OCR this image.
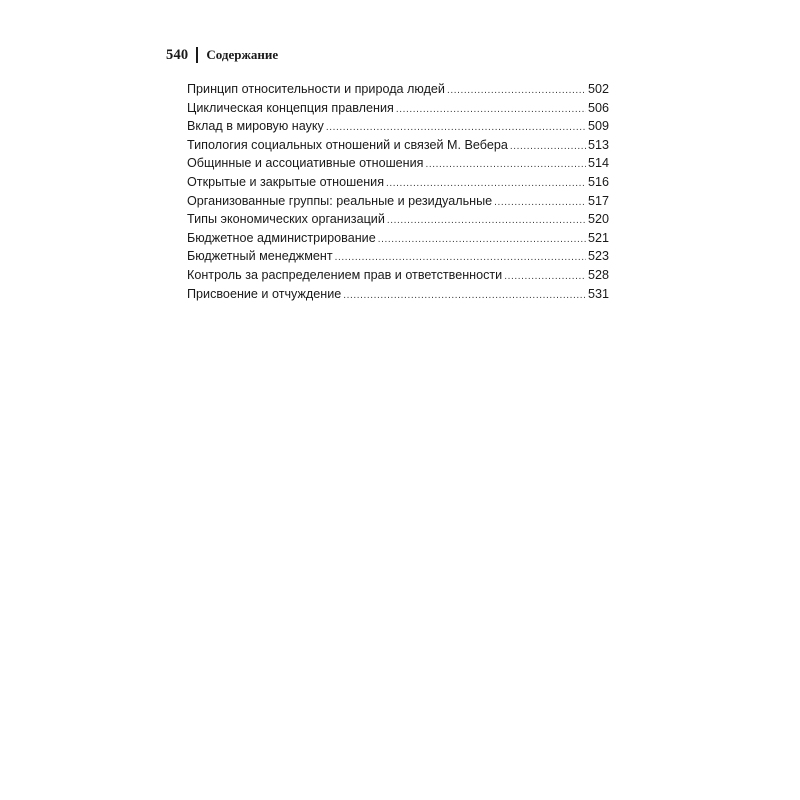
540 Содержание
Принцип относительности и природа людей .....	502
Циклическая концепция правления .....	506
Вклад в мировую науку .....	509
Типология социальных отношений и связей М. Вебера .....	513
Общинные и ассоциативные отношения .....	514
Открытые и закрытые отношения .....	516
Организованные группы: реальные и резидуальные .....	517
Типы экономических организаций .....	520
Бюджетное администрирование .....	521
Бюджетный менеджмент .....	523
Контроль за распределением прав и ответственности .....	528
Присвоение и отчуждение .....	531
